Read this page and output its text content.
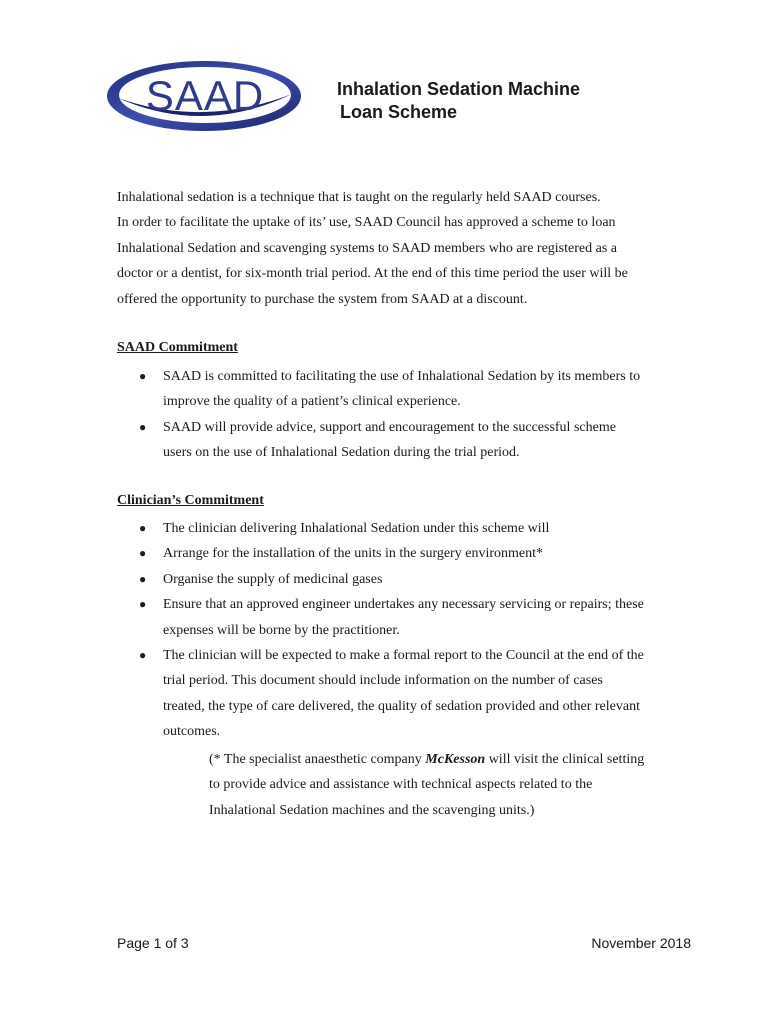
SAAD	Inhalation Sedation Machine
Loan Scheme
Inhalational sedation is a technique that is taught on the regularly held SAAD courses.
In order to facilitate the uptake of its’ use, SAAD Council has approved a scheme to loan
Inhalational Sedation and scavenging systems to SAAD members who are registered as a
doctor or a dentist, for six-month trial period. At the end of this time period the user will be
offered the opportunity to purchase the system from SAAD at a discount.
SAAD Commitment
● SAAD is committed to facilitating the use of Inhalational Sedation by its members to
improve the quality of a patient’s clinical experience.
● SAAD will provide advice, support and encouragement to the successful scheme
users on the use of Inhalational Sedation during the trial period.
Clinician’s Commitment
● The clinician delivering Inhalational Sedation under this scheme will
● Arrange for the installation of the units in the surgery environment*
● Organise the supply of medicinal gases
● Ensure that an approved engineer undertakes any necessary servicing or repairs; these
expenses will be borne by the practitioner.
● The clinician will be expected to make a formal report to the Council at the end of the
trial period. This document should include information on the number of cases
treated, the type of care delivered, the quality of sedation provided and other relevant
outcomes.
(* The specialist anaesthetic company McKesson will visit the clinical setting
to provide advice and assistance with technical aspects related to the
Inhalational Sedation machines and the scavenging units.)
Page 1 of 3	November 2018
